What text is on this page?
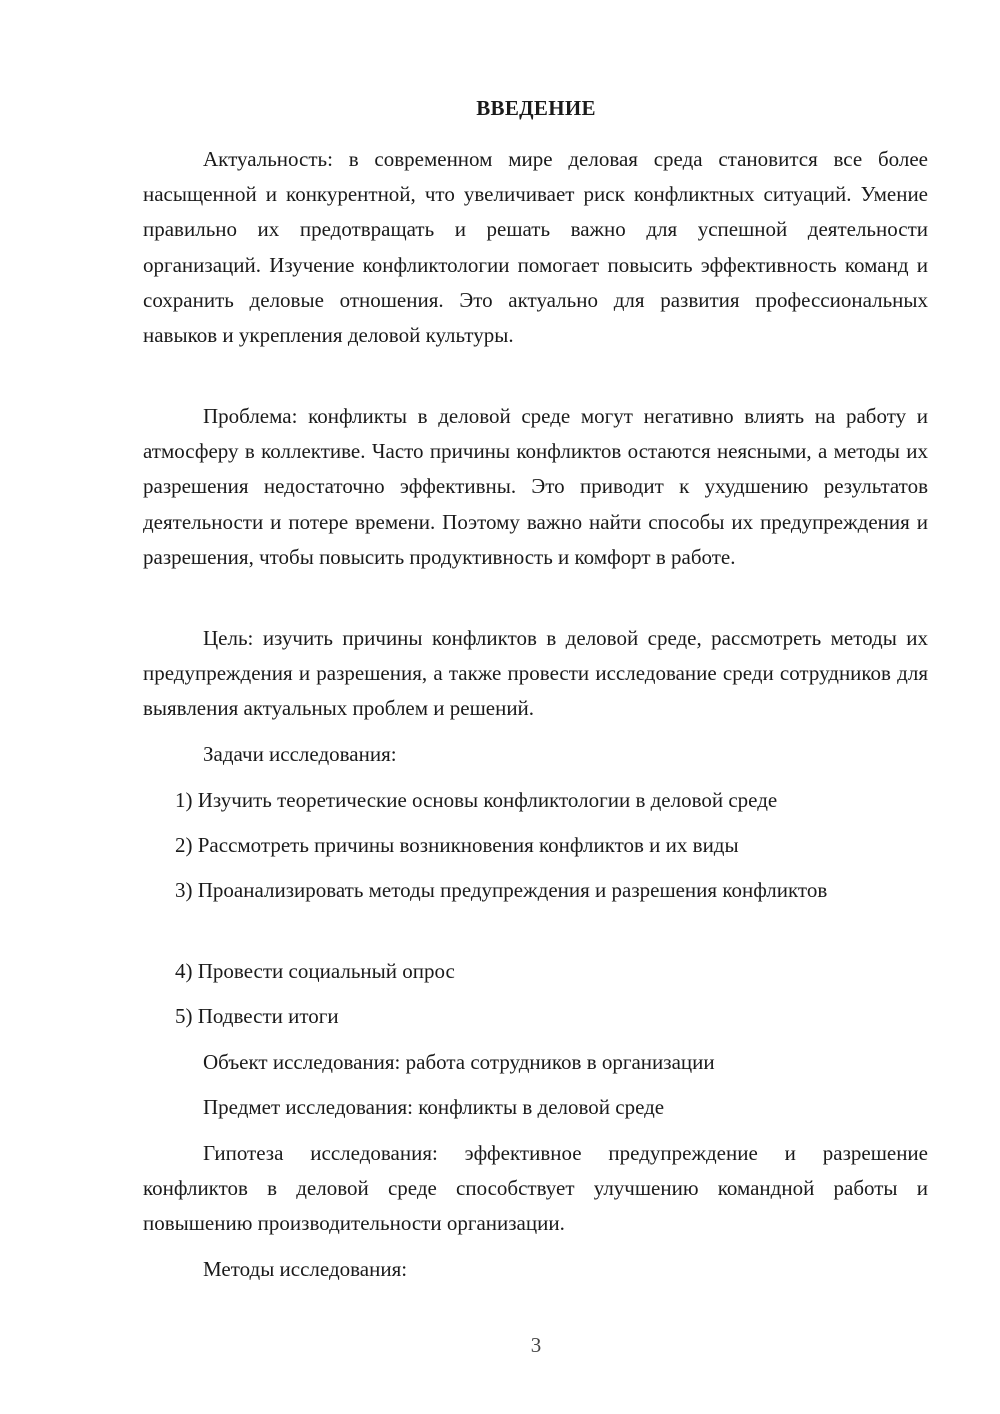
ВВЕДЕНИЕ

Актуальность: в современном мире деловая среда становится все более насыщенной и конкурентной, что увеличивает риск конфликтных ситуаций. Умение правильно их предотвращать и решать важно для успешной деятельности организаций. Изучение конфликтологии помогает повысить эффективность команд и сохранить деловые отношения. Это актуально для развития профессиональных навыков и укрепления деловой культуры.

Проблема: конфликты в деловой среде могут негативно влиять на работу и атмосферу в коллективе. Часто причины конфликтов остаются неясными, а методы их разрешения недостаточно эффективны. Это приводит к ухудшению результатов деятельности и потере времени. Поэтому важно найти способы их предупреждения и разрешения, чтобы повысить продуктивность и комфорт в работе.

Цель: изучить причины конфликтов в деловой среде, рассмотреть методы их предупреждения и разрешения, а также провести исследование среди сотрудников для выявления актуальных проблем и решений.

Задачи исследования:

1) Изучить теоретические основы конфликтологии в деловой среде

2) Рассмотреть причины возникновения конфликтов и их виды

3) Проанализировать методы предупреждения и разрешения конфликтов

4) Провести социальный опрос

5) Подвести итоги

Объект исследования: работа сотрудников в организации

Предмет исследования: конфликты в деловой среде

Гипотеза исследования: эффективное предупреждение и разрешение конфликтов в деловой среде способствует улучшению командной работы и повышению производительности организации.

Методы исследования:

3
